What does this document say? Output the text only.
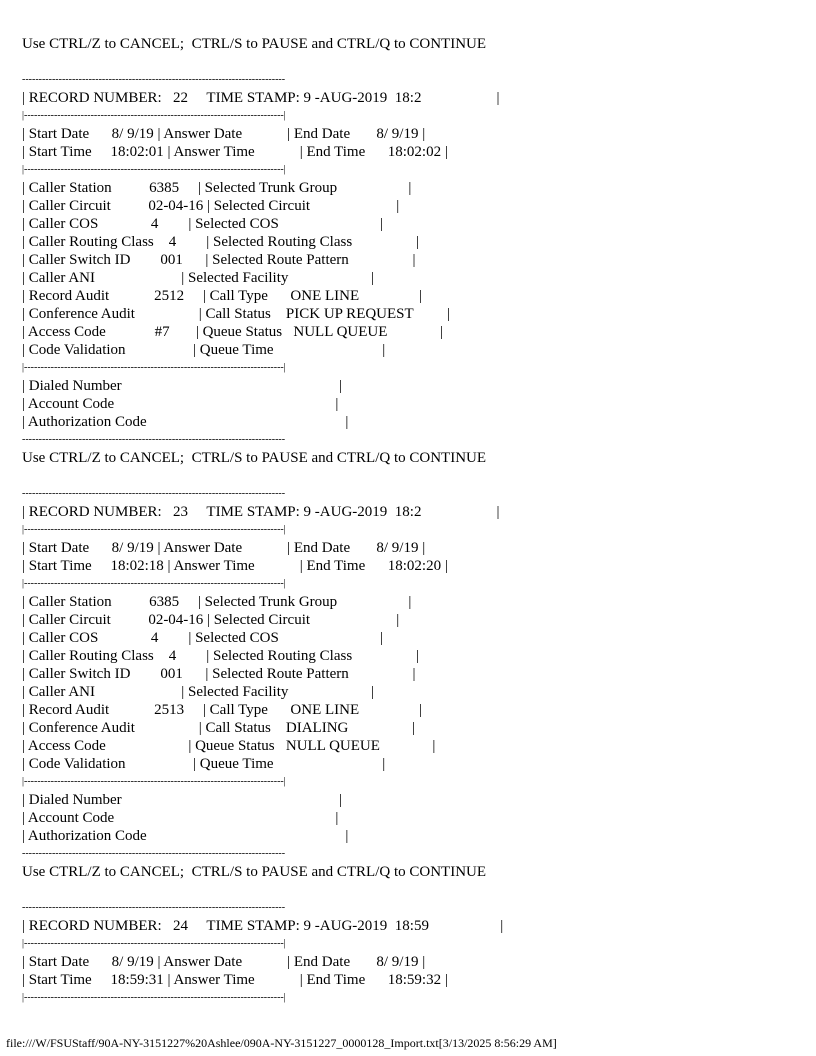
Use CTRL/Z to CANCEL;  CTRL/S to PAUSE and CTRL/Q to CONTINUE

-------------------------------------------------------------------------------

| RECORD NUMBER:   22     TIME STAMP: 9 -AUG-2019  18:2                    |

|------------------------------------------------------------------------------|

| Start Date      8/ 9/19 | Answer Date            | End Date       8/ 9/19 |

| Start Time     18:02:01 | Answer Time            | End Time      18:02:02 |

|------------------------------------------------------------------------------|

| Caller Station          6385     | Selected Trunk Group                   |

| Caller Circuit          02-04-16 | Selected Circuit                       |

| Caller COS              4        | Selected COS                           |

| Caller Routing Class    4        | Selected Routing Class                 |

| Caller Switch ID        001      | Selected Route Pattern                 |

| Caller ANI                       | Selected Facility                      |

| Record Audit            2512     | Call Type      ONE LINE                |

| Conference Audit                 | Call Status    PICK UP REQUEST         |

| Access Code             #7       | Queue Status   NULL QUEUE              |

| Code Validation                  | Queue Time                             |

|------------------------------------------------------------------------------|

| Dialed Number                                                          |

| Account Code                                                           |

| Authorization Code                                                     |

-------------------------------------------------------------------------------

Use CTRL/Z to CANCEL;  CTRL/S to PAUSE and CTRL/Q to CONTINUE

-------------------------------------------------------------------------------

| RECORD NUMBER:   23     TIME STAMP: 9 -AUG-2019  18:2                    |

|------------------------------------------------------------------------------|

| Start Date      8/ 9/19 | Answer Date            | End Date       8/ 9/19 |

| Start Time     18:02:18 | Answer Time            | End Time      18:02:20 |

|------------------------------------------------------------------------------|

| Caller Station          6385     | Selected Trunk Group                   |

| Caller Circuit          02-04-16 | Selected Circuit                       |

| Caller COS              4        | Selected COS                           |

| Caller Routing Class    4        | Selected Routing Class                 |

| Caller Switch ID        001      | Selected Route Pattern                 |

| Caller ANI                       | Selected Facility                      |

| Record Audit            2513     | Call Type      ONE LINE                |

| Conference Audit                 | Call Status    DIALING                 |

| Access Code                      | Queue Status   NULL QUEUE              |

| Code Validation                  | Queue Time                             |

|------------------------------------------------------------------------------|

| Dialed Number                                                          |

| Account Code                                                           |

| Authorization Code                                                     |

-------------------------------------------------------------------------------

Use CTRL/Z to CANCEL;  CTRL/S to PAUSE and CTRL/Q to CONTINUE

-------------------------------------------------------------------------------

| RECORD NUMBER:   24     TIME STAMP: 9 -AUG-2019  18:59                   |

|------------------------------------------------------------------------------|

| Start Date      8/ 9/19 | Answer Date            | End Date       8/ 9/19 |

| Start Time     18:59:31 | Answer Time            | End Time      18:59:32 |

|------------------------------------------------------------------------------|

file:///W/FSUStaff/90A-NY-3151227%20Ashlee/090A-NY-3151227_0000128_Import.txt[3/13/2025 8:56:29 AM]
